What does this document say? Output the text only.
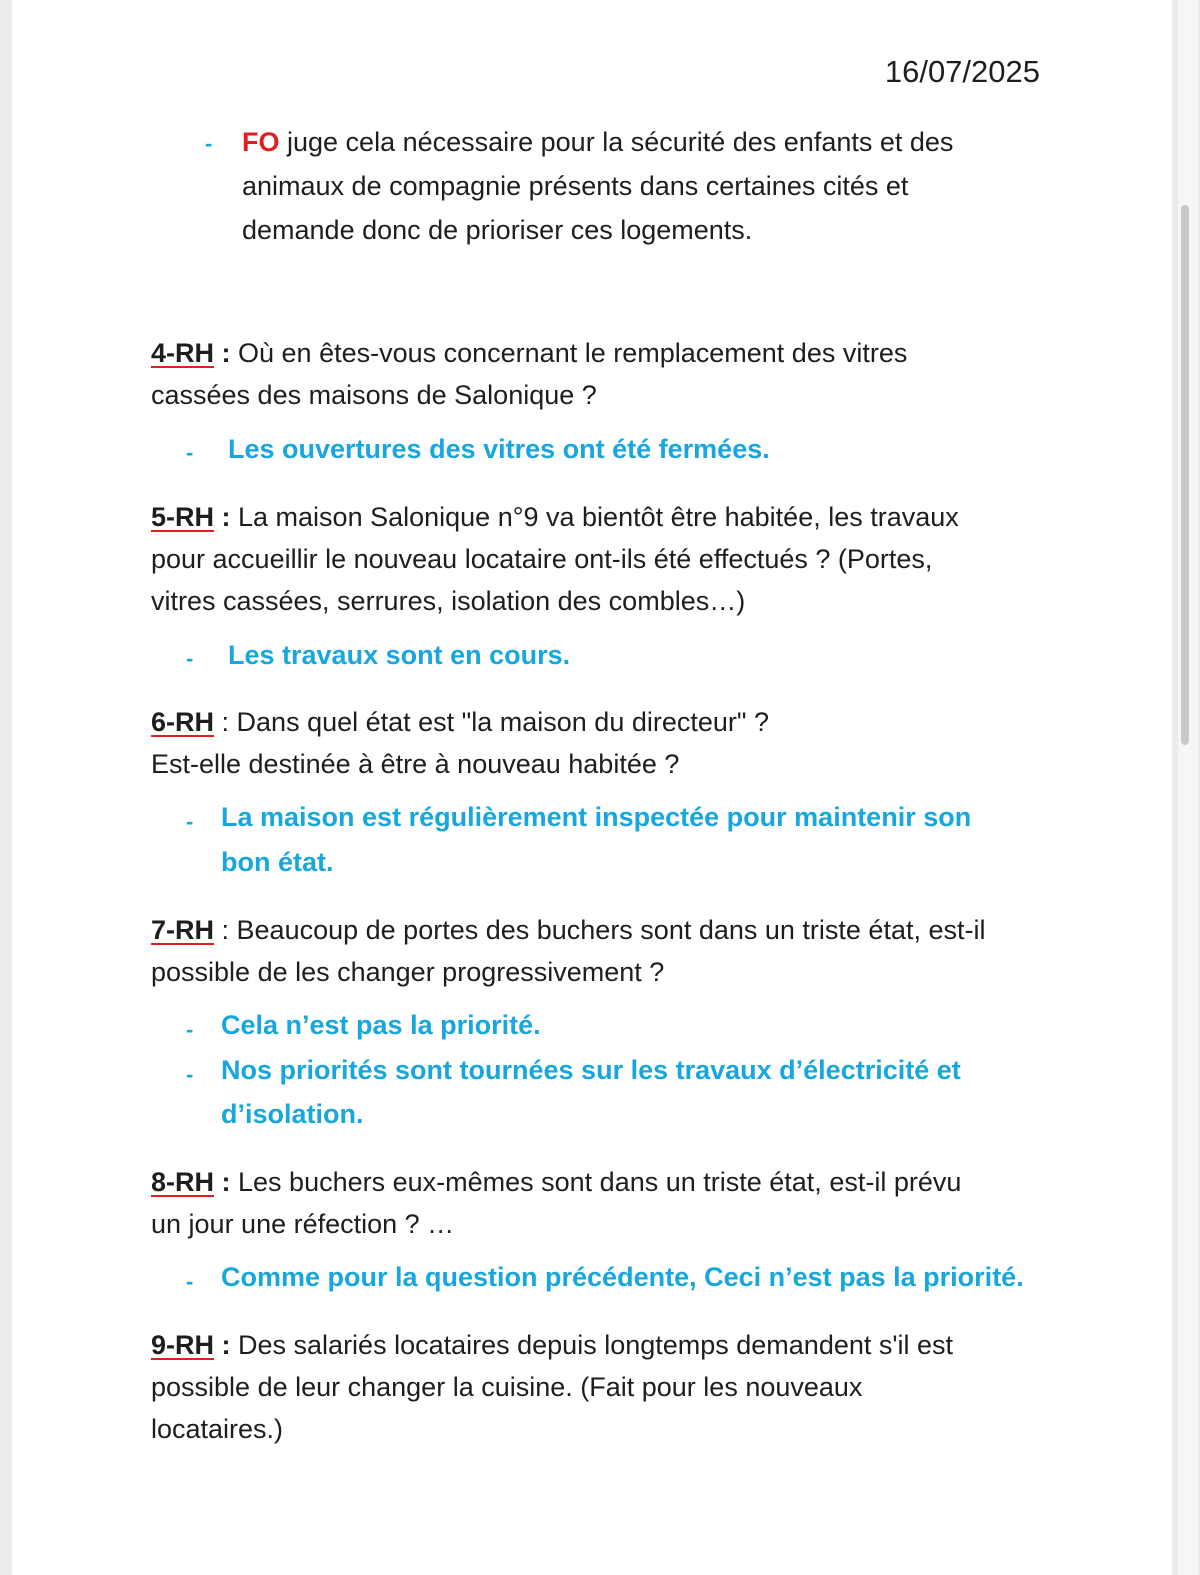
16/07/2025
- FO juge cela nécessaire pour la sécurité des enfants et des
animaux de compagnie présents dans certaines cités et
demande donc de prioriser ces logements.
4-RH : Où en êtes-vous concernant le remplacement des vitres
cassées des maisons de Salonique ?
- Les ouvertures des vitres ont été fermées.
5-RH : La maison Salonique n°9 va bientôt être habitée, les travaux
pour accueillir le nouveau locataire ont-ils été effectués ? (Portes,
vitres cassées, serrures, isolation des combles…)
- Les travaux sont en cours.
6-RH : Dans quel état est "la maison du directeur" ?
Est-elle destinée à être à nouveau habitée ?
- La maison est régulièrement inspectée pour maintenir son
bon état.
7-RH : Beaucoup de portes des buchers sont dans un triste état, est-il
possible de les changer progressivement ?
- Cela n’est pas la priorité.
- Nos priorités sont tournées sur les travaux d’électricité et
d’isolation.
8-RH : Les buchers eux-mêmes sont dans un triste état, est-il prévu
un jour une réfection ? …
- Comme pour la question précédente, Ceci n’est pas la priorité.
9-RH : Des salariés locataires depuis longtemps demandent s'il est
possible de leur changer la cuisine. (Fait pour les nouveaux
locataires.)
